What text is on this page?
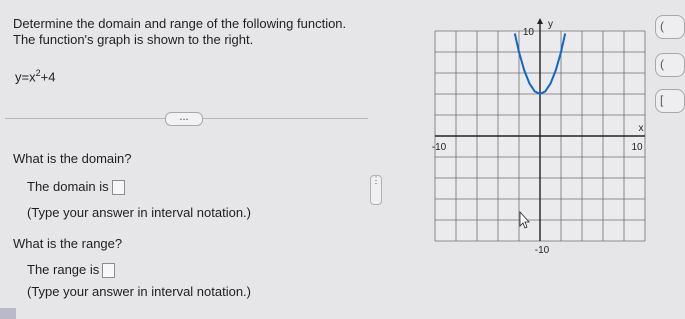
Determine the domain and range of the following function.
The function's graph is shown to the right.
$y=x^2+4$
...
⋮
What is the domain?
The domain is
(Type your answer in interval notation.)
What is the range?
The range is
(Type your answer in interval notation.)
y
10
x
-10	10
-10
(
(
[
